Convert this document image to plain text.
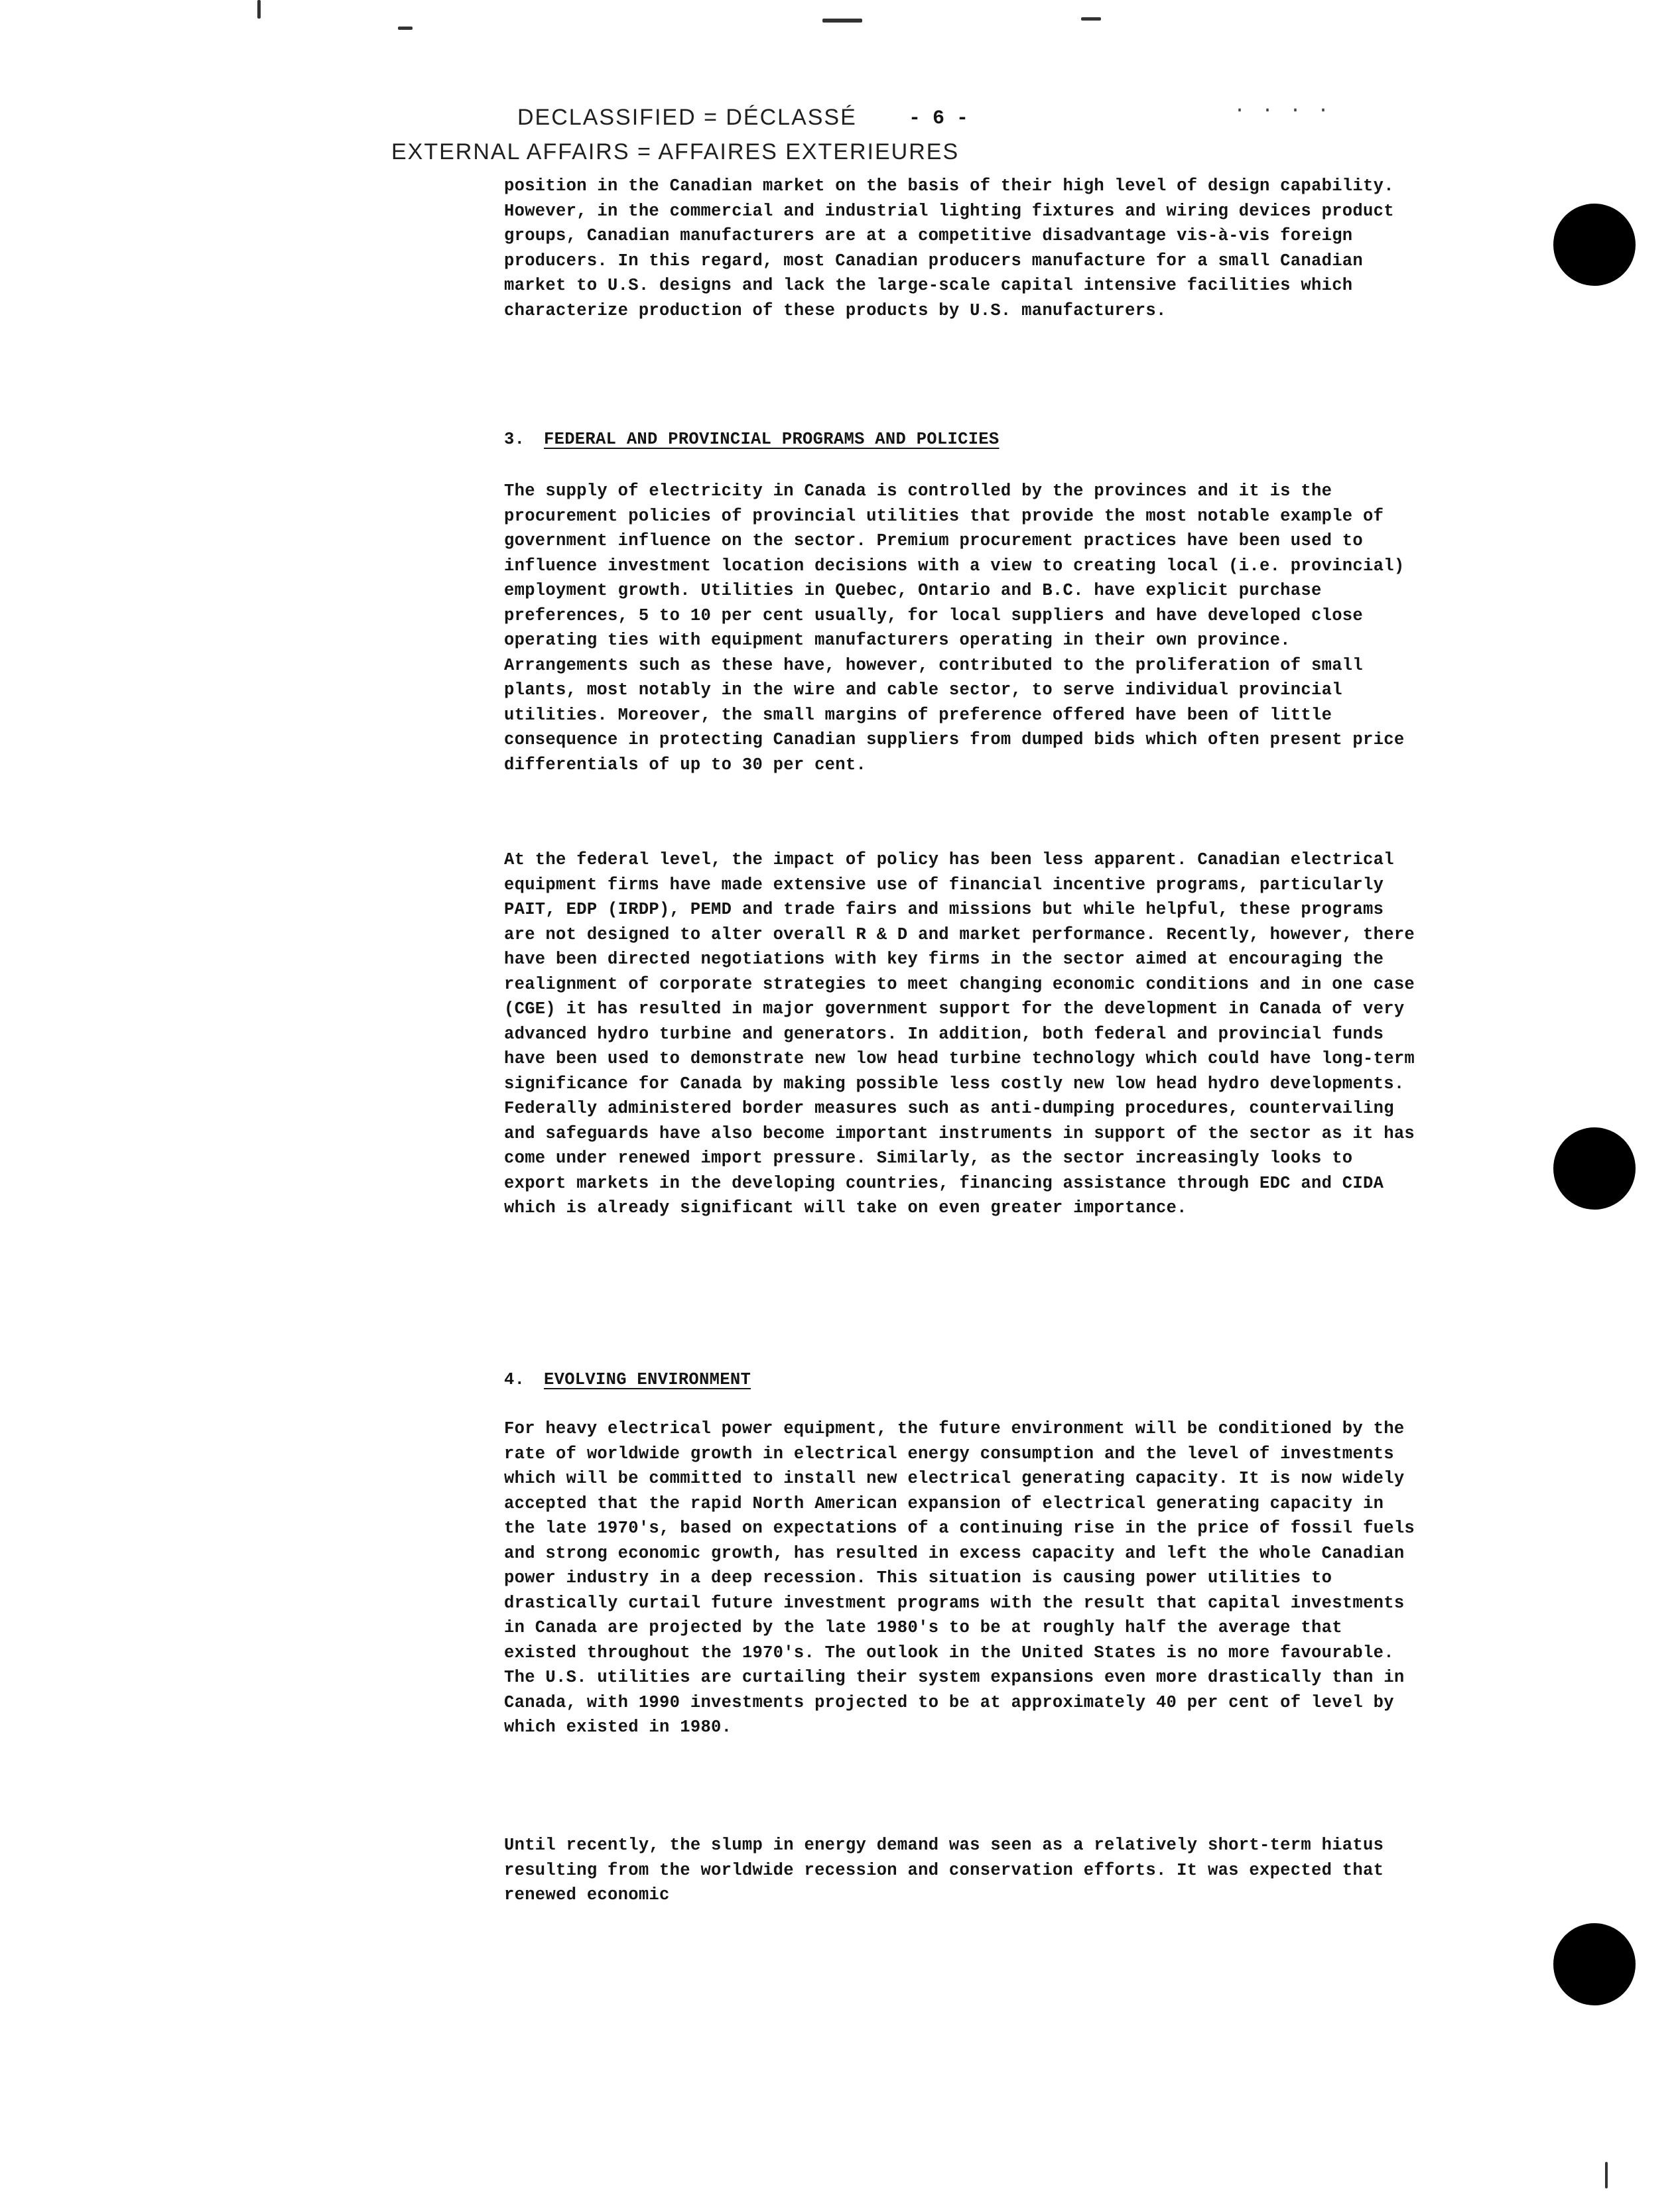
DECLASSIFIED = DÉCLASSÉ
EXTERNAL AFFAIRS = AFFAIRES EXTERIEURES
- 6 -	· · · ·
position in the Canadian market on the basis of their high level of design capability. However, in the commercial and industrial lighting fixtures and wiring devices product groups, Canadian manufacturers are at a competitive disadvantage vis-à-vis foreign producers. In this regard, most Canadian producers manufacture for a small Canadian market to U.S. designs and lack the large-scale capital intensive facilities which characterize production of these products by U.S. manufacturers.
3. FEDERAL AND PROVINCIAL PROGRAMS AND POLICIES
The supply of electricity in Canada is controlled by the provinces and it is the procurement policies of provincial utilities that provide the most notable example of government influence on the sector. Premium procurement practices have been used to influence investment location decisions with a view to creating local (i.e. provincial) employment growth. Utilities in Quebec, Ontario and B.C. have explicit purchase preferences, 5 to 10 per cent usually, for local suppliers and have developed close operating ties with equipment manufacturers operating in their own province. Arrangements such as these have, however, contributed to the proliferation of small plants, most notably in the wire and cable sector, to serve individual provincial utilities. Moreover, the small margins of preference offered have been of little consequence in protecting Canadian suppliers from dumped bids which often present price differentials of up to 30 per cent.
At the federal level, the impact of policy has been less apparent. Canadian electrical equipment firms have made extensive use of financial incentive programs, particularly PAIT, EDP (IRDP), PEMD and trade fairs and missions but while helpful, these programs are not designed to alter overall R & D and market performance. Recently, however, there have been directed negotiations with key firms in the sector aimed at encouraging the realignment of corporate strategies to meet changing economic conditions and in one case (CGE) it has resulted in major government support for the development in Canada of very advanced hydro turbine and generators. In addition, both federal and provincial funds have been used to demonstrate new low head turbine technology which could have long-term significance for Canada by making possible less costly new low head hydro developments. Federally administered border measures such as anti-dumping procedures, countervailing and safeguards have also become important instruments in support of the sector as it has come under renewed import pressure. Similarly, as the sector increasingly looks to export markets in the developing countries, financing assistance through EDC and CIDA which is already significant will take on even greater importance.
4. EVOLVING ENVIRONMENT
For heavy electrical power equipment, the future environment will be conditioned by the rate of worldwide growth in electrical energy consumption and the level of investments which will be committed to install new electrical generating capacity. It is now widely accepted that the rapid North American expansion of electrical generating capacity in the late 1970's, based on expectations of a continuing rise in the price of fossil fuels and strong economic growth, has resulted in excess capacity and left the whole Canadian power industry in a deep recession. This situation is causing power utilities to drastically curtail future investment programs with the result that capital investments in Canada are projected by the late 1980's to be at roughly half the average that existed throughout the 1970's. The outlook in the United States is no more favourable. The U.S. utilities are curtailing their system expansions even more drastically than in Canada, with 1990 investments projected to be at approximately 40 per cent of level by which existed in 1980.
Until recently, the slump in energy demand was seen as a relatively short-term hiatus resulting from the worldwide recession and conservation efforts. It was expected that renewed economic
